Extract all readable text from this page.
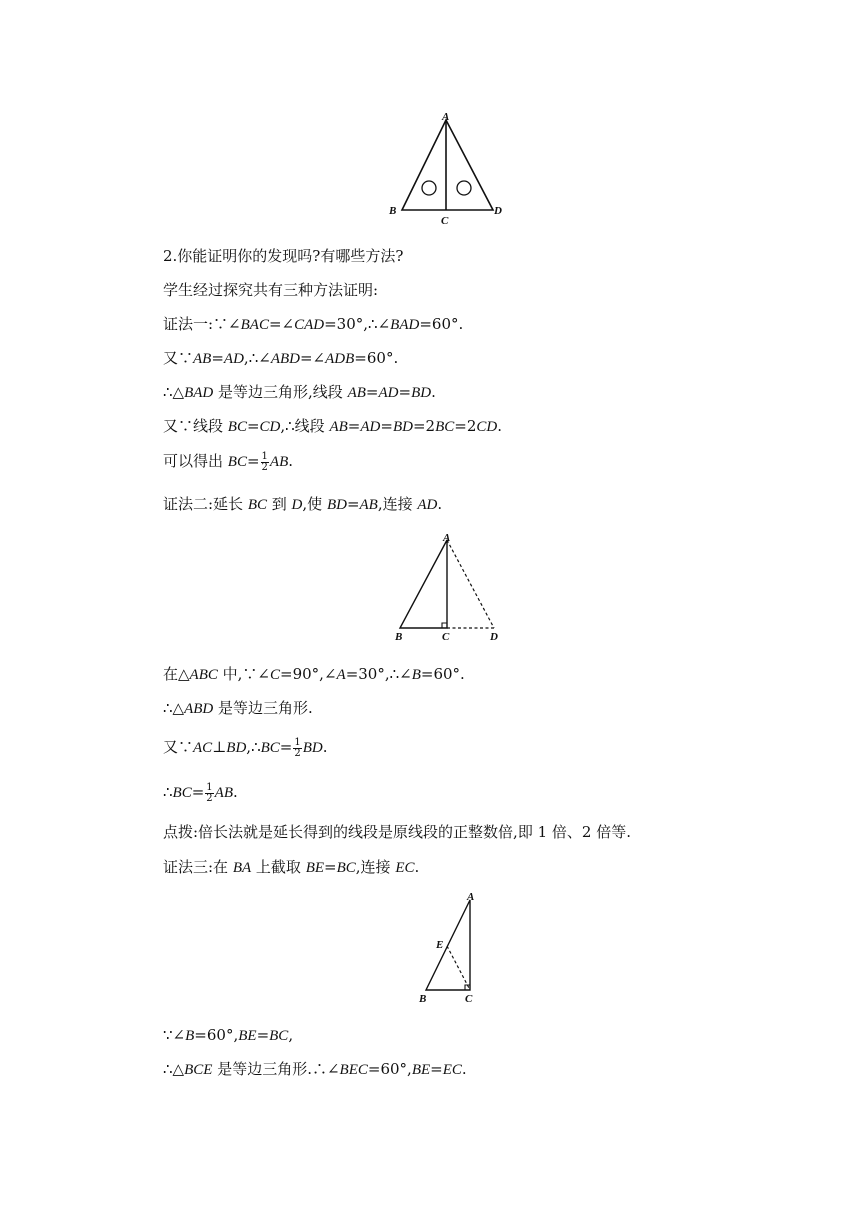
A
B
C
D
2.你能证明你的发现吗?有哪些方法?
学生经过探究共有三种方法证明:
证法一:∵∠BAC=∠CAD=30°,∴∠BAD=60°.
又∵AB=AD,∴∠ABD=∠ADB=60°.
∴△BAD 是等边三角形,线段 AB=AD=BD.
又∵线段 BC=CD,∴线段 AB=AD=BD=2BC=2CD.
可以得出 $BC= \frac{1}{2}$ AB.
证法二:延长 BC 到 D,使 BD=AB,连接 AD.
A
B	C	D
在△ABC 中,∵∠C=90°,∠A=30°,∴∠B=60°.
∴△ABD 是等边三角形.
又∵AC⊥BD,∴BC= $\frac{1}{2}$ BD.
∴BC= $\frac{1}{2}$ AB.
点拨:倍长法就是延长得到的线段是原线段的正整数倍,即 1 倍、2 倍等.
证法三:在 BA 上截取 BE=BC,连接 EC.
A
E
B	C
∵∠B=60°,BE=BC,
∴△BCE 是等边三角形.∴∠BEC=60°,BE=EC.
